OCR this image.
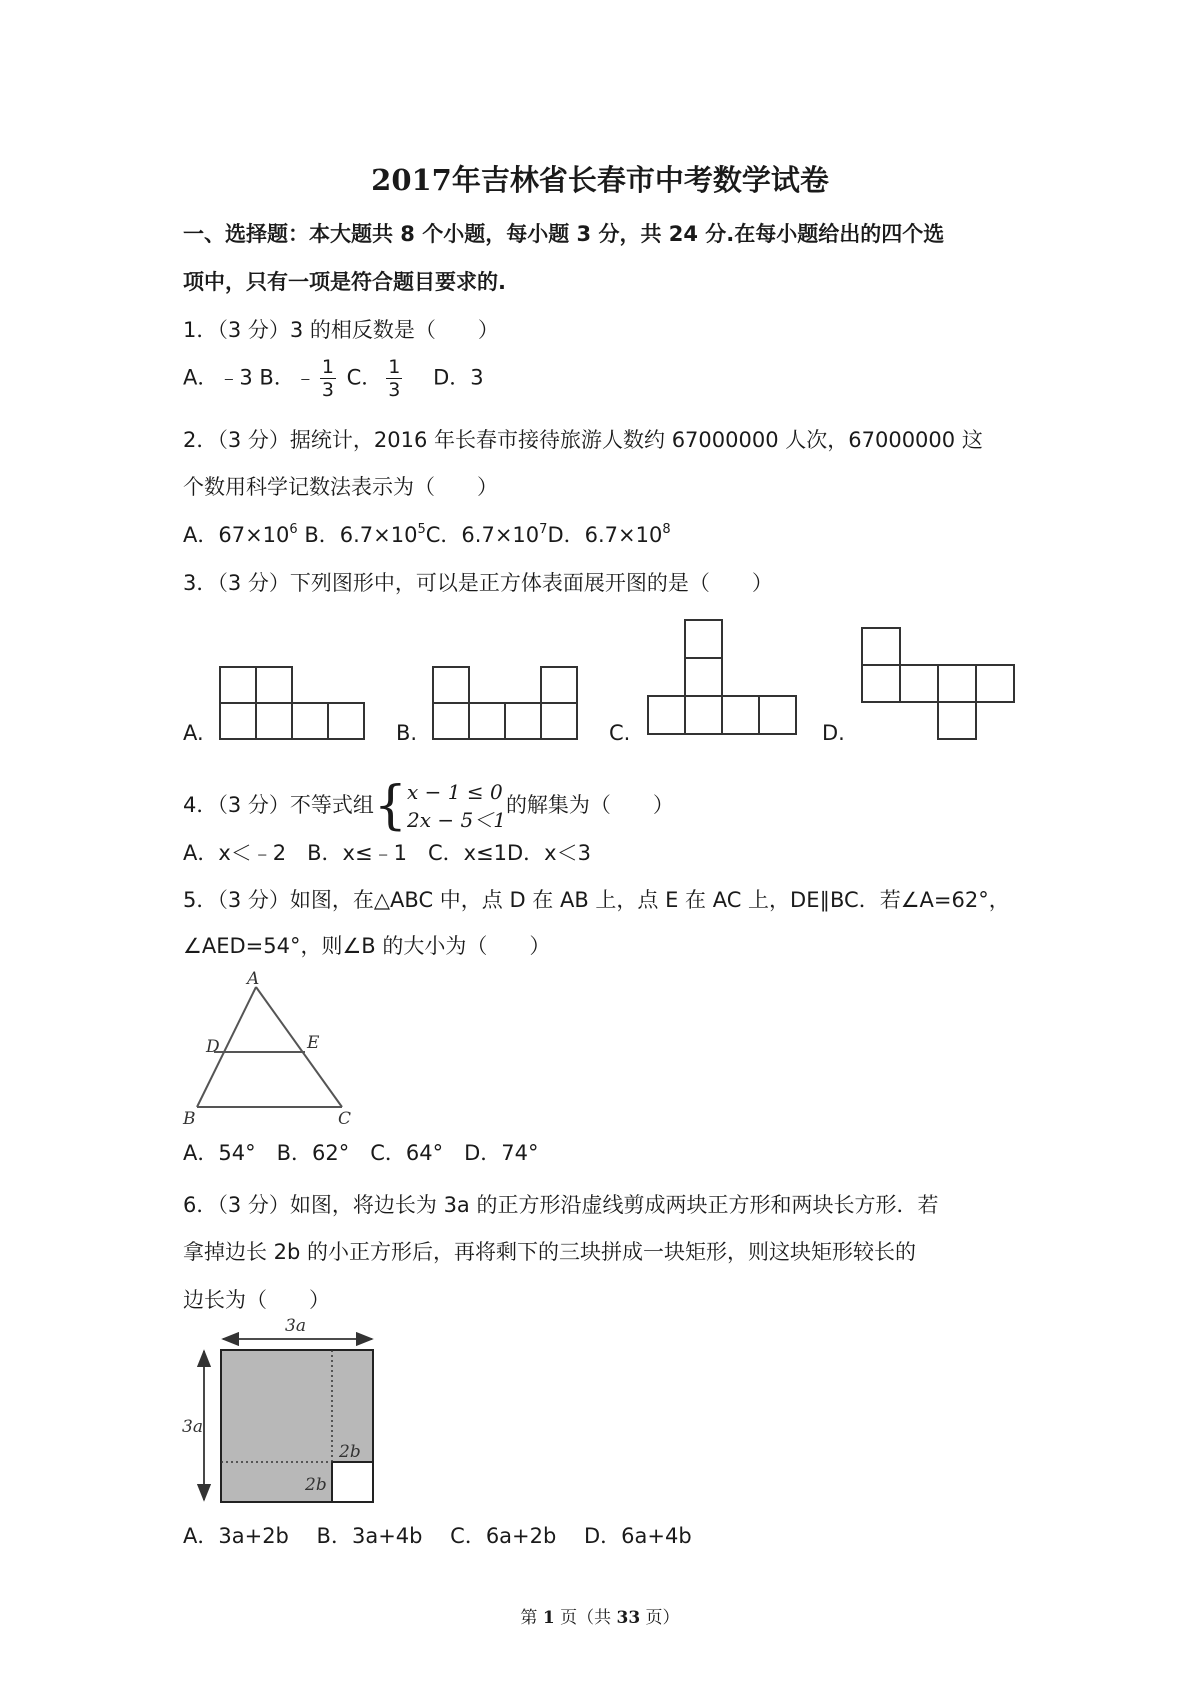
2017年吉林省长春市中考数学试卷
一、选择题：本大题共 8 个小题，每小题 3 分，共 24 分.在每小题给出的四个选
项中，只有一项是符合题目要求的.
1．（3 分）3 的相反数是（　　）
A．﹣3 B．﹣ $\frac{1}{3}$ C． $\frac{1}{3}$ D．3
2．（3 分）据统计，2016 年长春市接待旅游人数约 67000000 人次，67000000 这
个数用科学记数法表示为（　　）
A．$67\times 10^6$ B．$6.7\times 10^5C$．$6.7\times 10^7D$．$6.7\times 10^8$
3．（3 分）下列图形中，可以是正方体表面展开图的是（　　）
A.	B.	C.	D.
4．（3 分）不等式组{ x − 1 ≤ 0
2x − 5＜1
的解集为（　　）
A．x＜﹣2　B．x≤﹣1　C．x≤1D．x＜3
5．（3 分）如图，在△ABC 中，点 D 在 AB 上，点 E 在 AC 上，DE∥BC．若∠A=62°，
∠AED=54°，则∠B 的大小为（　　）
A
D	E
B	C
A．54°　B．62°　C．64°　D．74°
6．（3 分）如图，将边长为 3a 的正方形沿虚线剪成两块正方形和两块长方形．若
拿掉边长 2b 的小正方形后，再将剩下的三块拼成一块矩形，则这块矩形较长的
边长为（　　）
3a
3a
2b
2b
A．3a+2b　 B．3a+4b　 C．6a+2b　 D．6a+4b
第 1 页（共 33 页）
